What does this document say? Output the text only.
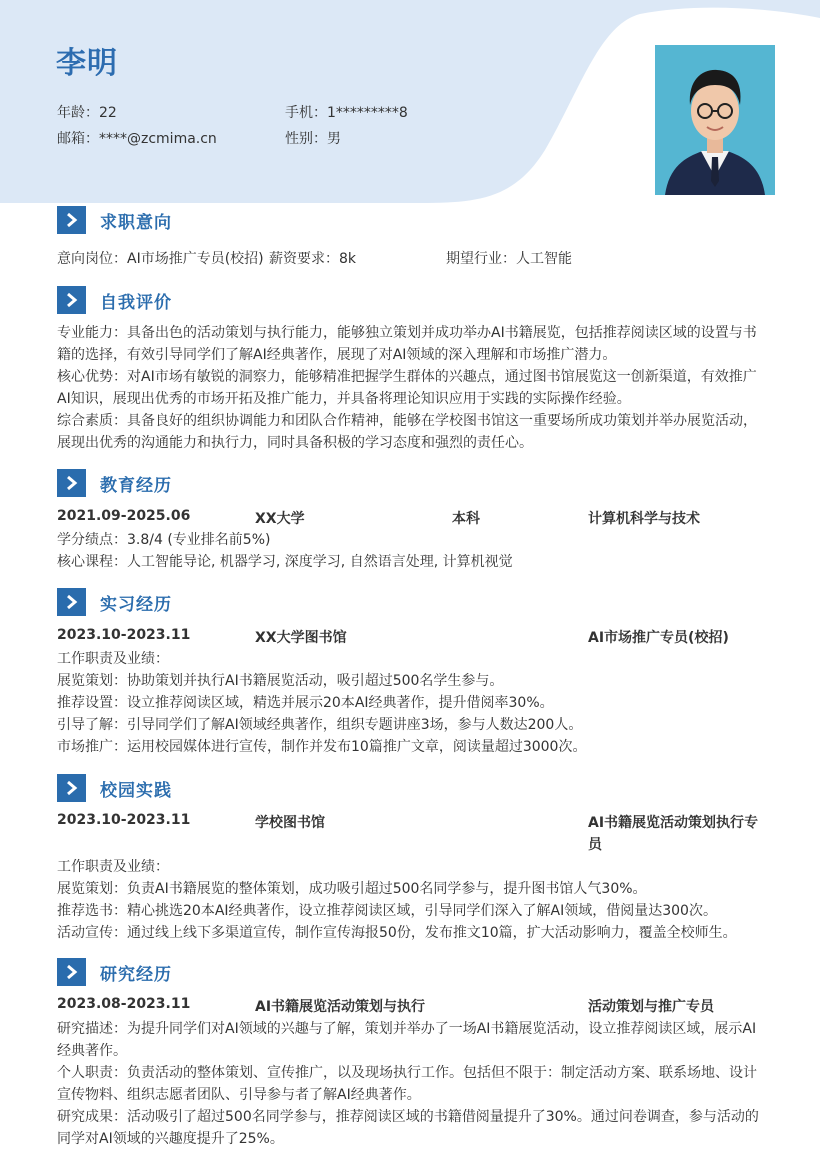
李明
年龄：22	手机：1*********8
邮箱：****@zcmima.cn	性别：男
求职意向
意向岗位：AI市场推广专员(校招) 薪资要求：8k	期望行业：人工智能
自我评价
专业能力：具备出色的活动策划与执行能力，能够独立策划并成功举办AI书籍展览，包括推荐阅读区域的设置与书
籍的选择，有效引导同学们了解AI经典著作，展现了对AI领域的深入理解和市场推广潜力。
核心优势：对AI市场有敏锐的洞察力，能够精准把握学生群体的兴趣点，通过图书馆展览这一创新渠道，有效推广
AI知识，展现出优秀的市场开拓及推广能力，并具备将理论知识应用于实践的实际操作经验。
综合素质：具备良好的组织协调能力和团队合作精神，能够在学校图书馆这一重要场所成功策划并举办展览活动，
展现出优秀的沟通能力和执行力，同时具备积极的学习态度和强烈的责任心。
教育经历
2021.09-2025.06	XX大学	本科	计算机科学与技术
学分绩点：3.8/4 (专业排名前5%)
核心课程：人工智能导论, 机器学习, 深度学习, 自然语言处理, 计算机视觉
实习经历
2023.10-2023.11	XX大学图书馆	AI市场推广专员(校招)
工作职责及业绩：
展览策划：协助策划并执行AI书籍展览活动，吸引超过500名学生参与。
推荐设置：设立推荐阅读区域，精选并展示20本AI经典著作，提升借阅率30%。
引导了解：引导同学们了解AI领域经典著作，组织专题讲座3场，参与人数达200人。
市场推广：运用校园媒体进行宣传，制作并发布10篇推广文章，阅读量超过3000次。
校园实践
2023.10-2023.11	学校图书馆	AI书籍展览活动策划执行专
员
工作职责及业绩：
展览策划：负责AI书籍展览的整体策划，成功吸引超过500名同学参与，提升图书馆人气30%。
推荐选书：精心挑选20本AI经典著作，设立推荐阅读区域，引导同学们深入了解AI领域，借阅量达300次。
活动宣传：通过线上线下多渠道宣传，制作宣传海报50份，发布推文10篇，扩大活动影响力，覆盖全校师生。
研究经历
2023.08-2023.11	AI书籍展览活动策划与执行	活动策划与推广专员
研究描述：为提升同学们对AI领域的兴趣与了解，策划并举办了一场AI书籍展览活动，设立推荐阅读区域，展示AI
经典著作。
个人职责：负责活动的整体策划、宣传推广，以及现场执行工作。包括但不限于：制定活动方案、联系场地、设计
宣传物料、组织志愿者团队、引导参与者了解AI经典著作。
研究成果：活动吸引了超过500名同学参与，推荐阅读区域的书籍借阅量提升了30%。通过问卷调查，参与活动的
同学对AI领域的兴趣度提升了25%。
